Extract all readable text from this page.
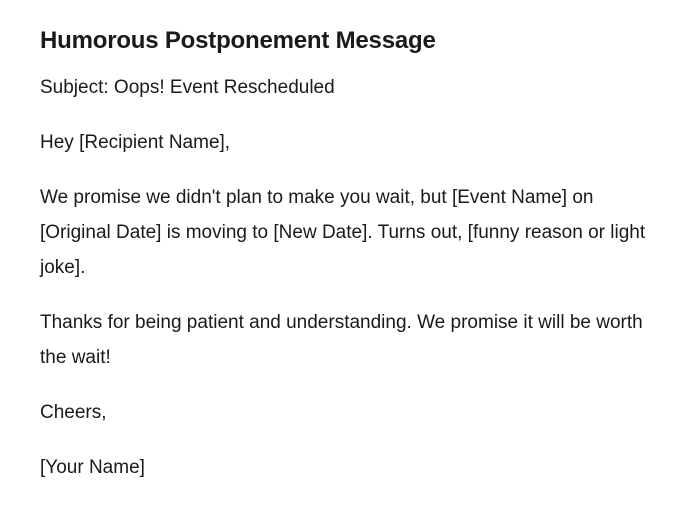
Humorous Postponement Message
Subject: Oops! Event Rescheduled
Hey [Recipient Name],
We promise we didn't plan to make you wait, but [Event Name] on [Original Date] is moving to [New Date]. Turns out, [funny reason or light joke].
Thanks for being patient and understanding. We promise it will be worth the wait!
Cheers,
[Your Name]
